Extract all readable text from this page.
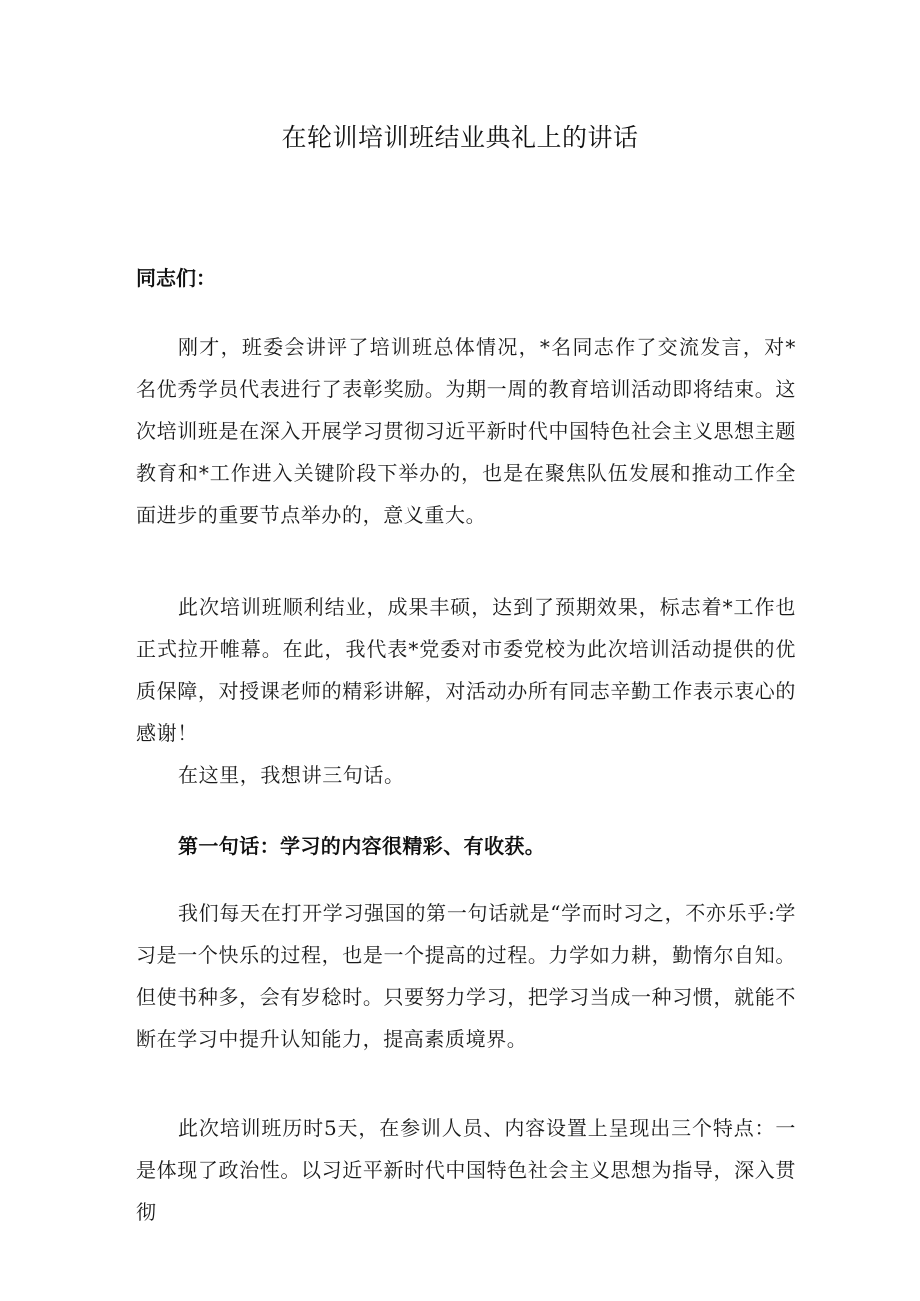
在轮训培训班结业典礼上的讲话

同志们：

刚才，班委会讲评了培训班总体情况，*名同志作了交流发言，对*名优秀学员代表进行了表彰奖励。为期一周的教育培训活动即将结束。这次培训班是在深入开展学习贯彻习近平新时代中国特色社会主义思想主题教育和*工作进入关键阶段下举办的，也是在聚焦队伍发展和推动工作全面进步的重要节点举办的，意义重大。

此次培训班顺利结业，成果丰硕，达到了预期效果，标志着*工作也正式拉开帷幕。在此，我代表*党委对市委党校为此次培训活动提供的优质保障，对授课老师的精彩讲解，对活动办所有同志辛勤工作表示衷心的感谢！

在这里，我想讲三句话。

第一句话：学习的内容很精彩、有收获。

我们每天在打开学习强国的第一句话就是“学而时习之，不亦乐乎:学习是一个快乐的过程，也是一个提高的过程。力学如力耕，勤惰尔自知。但使书种多，会有岁稔时。只要努力学习，把学习当成一种习惯，就能不断在学习中提升认知能力，提高素质境界。

此次培训班历时5天，在参训人员、内容设置上呈现出三个特点：一是体现了政治性。以习近平新时代中国特色社会主义思想为指导，深入贯彻
